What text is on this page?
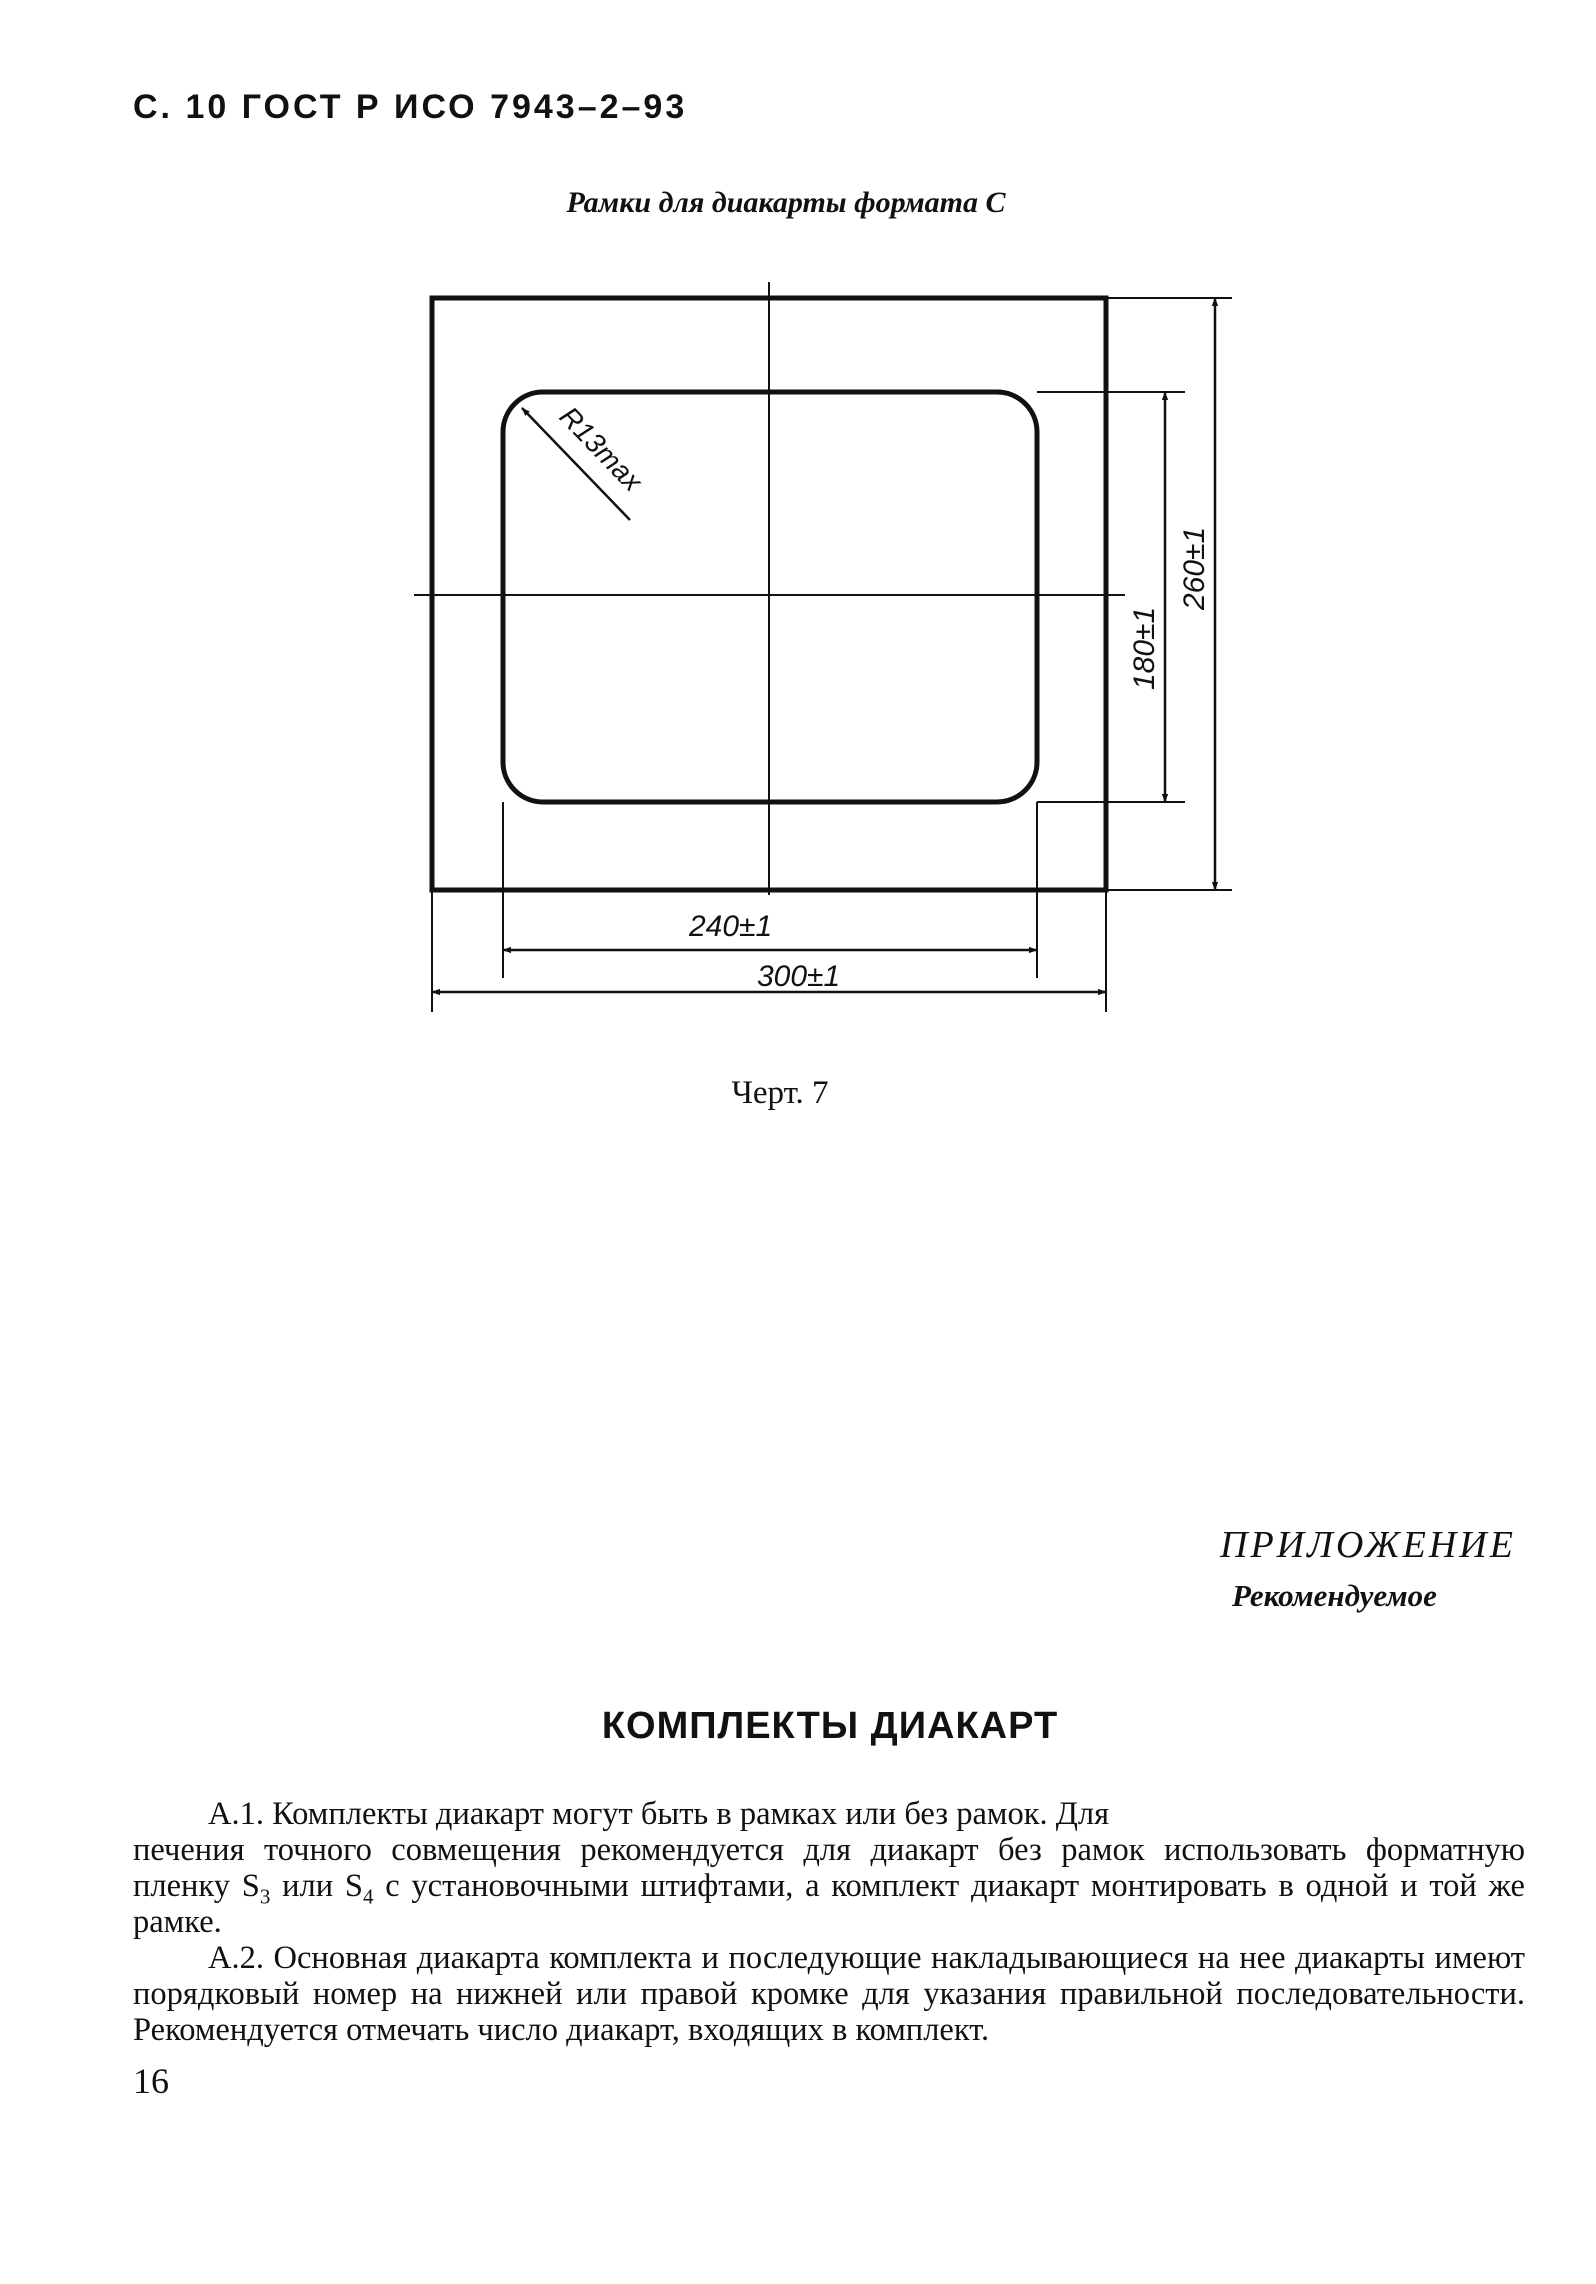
С. 10 ГОСТ Р ИСО 7943–2–93
Рамки для диакарты формата С
240±1
300±1
180±1
260±1
R13max
Черт. 7
ПРИЛОЖЕНИЕ
Рекомендуемое
КОМПЛЕКТЫ ДИАКАРТ

А.1. Комплекты диакарт могут быть в рамках или без рамок. Для

печения точного совмещения рекомендуется для диакарт без рамок использовать форматную пленку $S_3$ или $S_4$ с установочными штифтами, а комплект диакарт монтировать в одной и той же рамке.

А.2. Основная диакарта комплекта и последующие накладывающиеся на нее диакарты имеют порядковый номер на нижней или правой кромке для указания правильной последовательности. Рекомендуется отмечать число диакарт, входящих в комплект.

16
